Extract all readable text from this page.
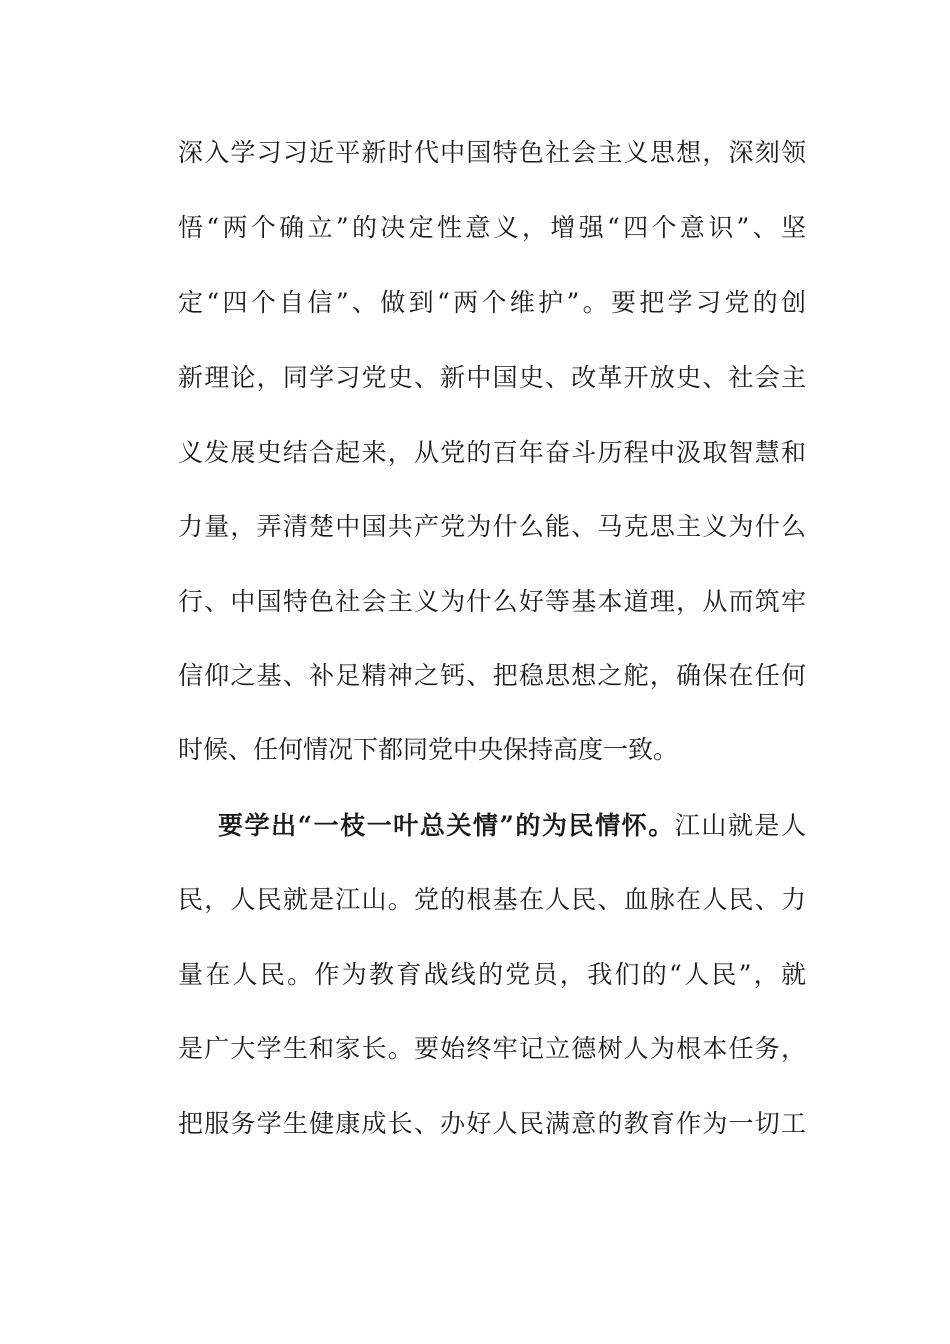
深入学习习近平新时代中国特色社会主义思想，深刻领
悟“两个确立”的决定性意义，增强“四个意识”、坚
定“四个自信”、做到“两个维护”。要把学习党的创
新理论，同学习党史、新中国史、改革开放史、社会主
义发展史结合起来，从党的百年奋斗历程中汲取智慧和
力量，弄清楚中国共产党为什么能、马克思主义为什么
行、中国特色社会主义为什么好等基本道理，从而筑牢
信仰之基、补足精神之钙、把稳思想之舵，确保在任何
时候、任何情况下都同党中央保持高度一致。
要学出“一枝一叶总关情”的为民情怀。江山就是人
民，人民就是江山。党的根基在人民、血脉在人民、力
量在人民。作为教育战线的党员，我们的“人民”，就
是广大学生和家长。要始终牢记立德树人为根本任务，
把服务学生健康成长、办好人民满意的教育作为一切工
